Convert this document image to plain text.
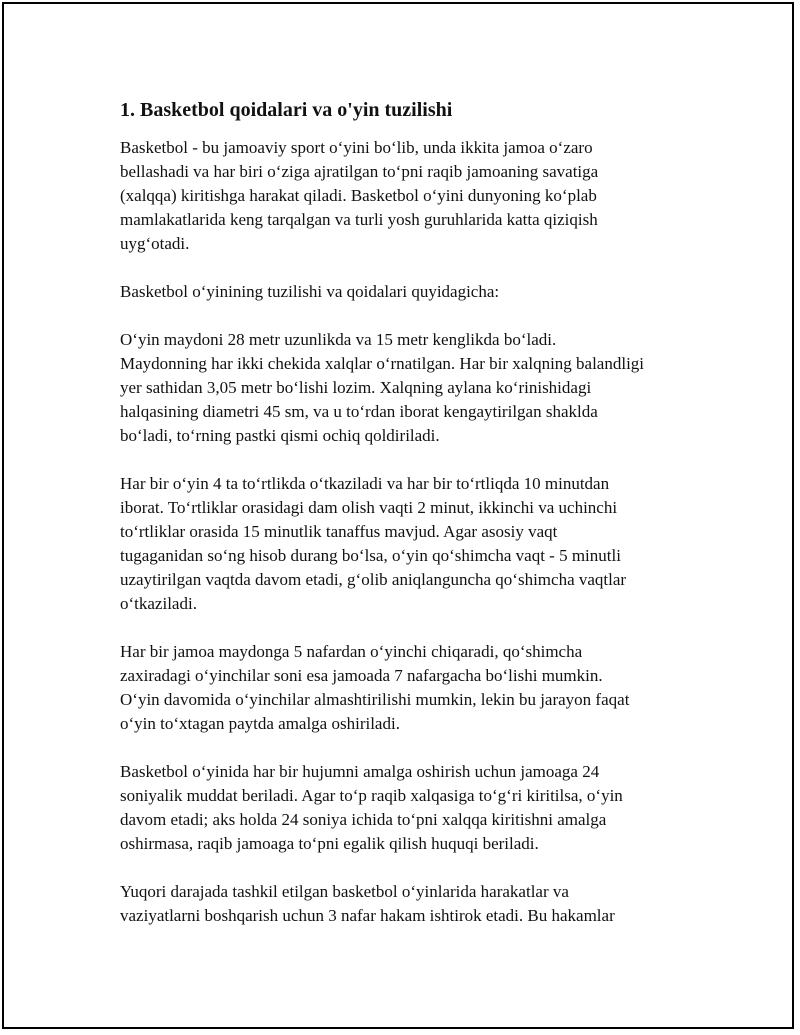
1. Basketbol qoidalari va o'yin tuzilishi

Basketbol - bu jamoaviy sport o‘yini bo‘lib, unda ikkita jamoa o‘zaro
bellashadi va har biri o‘ziga ajratilgan to‘pni raqib jamoaning savatiga
(xalqqa) kiritishga harakat qiladi. Basketbol o‘yini dunyoning ko‘plab
mamlakatlarida keng tarqalgan va turli yosh guruhlarida katta qiziqish
uyg‘otadi.

Basketbol o‘yinining tuzilishi va qoidalari quyidagicha:

O‘yin maydoni 28 metr uzunlikda va 15 metr kenglikda bo‘ladi.
Maydonning har ikki chekida xalqlar o‘rnatilgan. Har bir xalqning balandligi
yer sathidan 3,05 metr bo‘lishi lozim. Xalqning aylana ko‘rinishidagi
halqasining diametri 45 sm, va u to‘rdan iborat kengaytirilgan shaklda
bo‘ladi, to‘rning pastki qismi ochiq qoldiriladi.

Har bir o‘yin 4 ta to‘rtlikda o‘tkaziladi va har bir to‘rtliqda 10 minutdan
iborat. To‘rtliklar orasidagi dam olish vaqti 2 minut, ikkinchi va uchinchi
to‘rtliklar orasida 15 minutlik tanaffus mavjud. Agar asosiy vaqt
tugaganidan so‘ng hisob durang bo‘lsa, o‘yin qo‘shimcha vaqt - 5 minutli
uzaytirilgan vaqtda davom etadi, g‘olib aniqlanguncha qo‘shimcha vaqtlar
o‘tkaziladi.

Har bir jamoa maydonga 5 nafardan o‘yinchi chiqaradi, qo‘shimcha
zaxiradagi o‘yinchilar soni esa jamoada 7 nafargacha bo‘lishi mumkin.
O‘yin davomida o‘yinchilar almashtirilishi mumkin, lekin bu jarayon faqat
o‘yin to‘xtagan paytda amalga oshiriladi.

Basketbol o‘yinida har bir hujumni amalga oshirish uchun jamoaga 24
soniyalik muddat beriladi. Agar to‘p raqib xalqasiga to‘g‘ri kiritilsa, o‘yin
davom etadi; aks holda 24 soniya ichida to‘pni xalqqa kiritishni amalga
oshirmasa, raqib jamoaga to‘pni egalik qilish huquqi beriladi.

Yuqori darajada tashkil etilgan basketbol o‘yinlarida harakatlar va
vaziyatlarni boshqarish uchun 3 nafar hakam ishtirok etadi. Bu hakamlar
